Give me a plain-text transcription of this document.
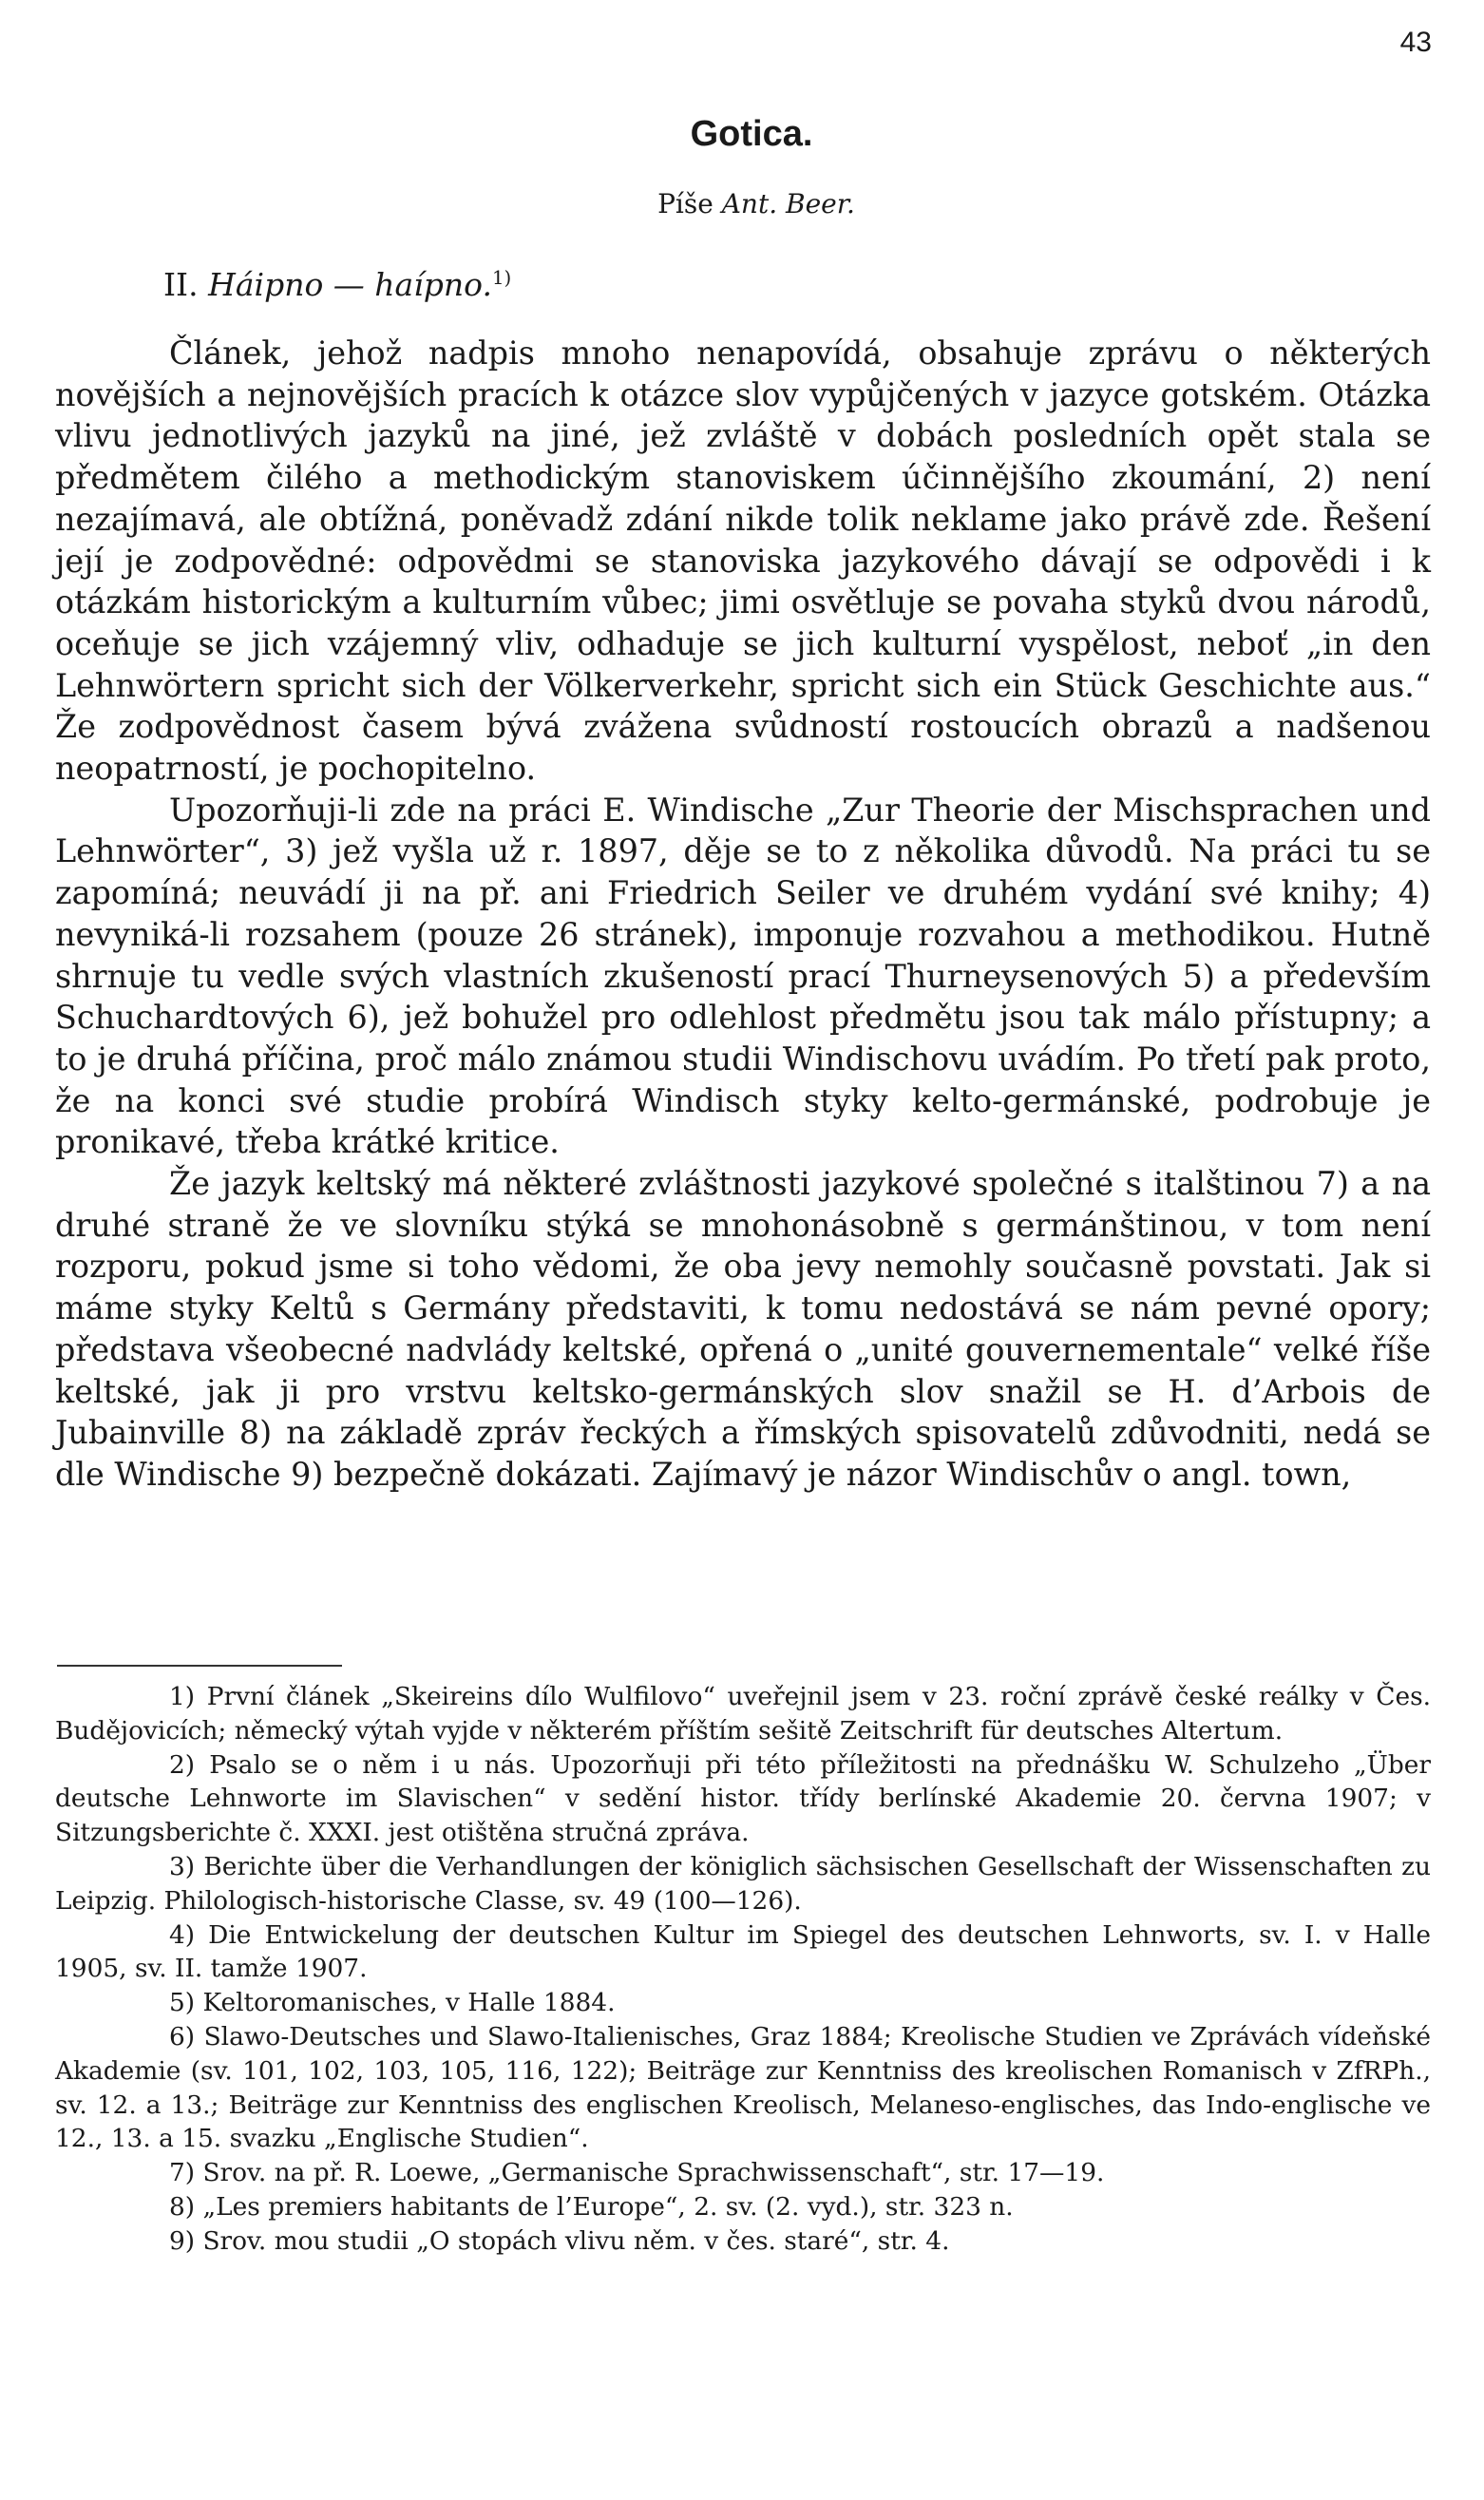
43
Gotica.
Píše Ant. Beer.
II. Háipno — haípno.$^{1)}$

Článek, jehož nadpis mnoho nenapovídá, obsahuje zprávu o některých novějších a nejnovějších pracích k otázce slov vypůjčených v jazyce gotském. Otázka vlivu jednotlivých jazyků na jiné, jež zvláště v dobách posledních opět stala se předmětem čilého a methodickým stanoviskem účinnějšího zkoumání, 2) není nezajímavá, ale obtížná, poněvadž zdání nikde tolik neklame jako právě zde. Řešení její je zodpovědné: odpovědmi se stanoviska jazykového dávají se odpovědi i k otázkám historickým a kulturním vůbec; jimi osvětluje se povaha styků dvou národů, oceňuje se jich vzájemný vliv, odhaduje se jich kulturní vyspělost, neboť „in den Lehnwörtern spricht sich der Völkerverkehr, spricht sich ein Stück Geschichte aus.“ Že zodpovědnost časem bývá zvážena svůdností rostoucích obrazů a nadšenou neopatrností, je pochopitelno.

Upozorňuji-li zde na práci E. Windische „Zur Theorie der Mischsprachen und Lehnwörter“, 3) jež vyšla už r. 1897, děje se to z několika důvodů. Na práci tu se zapomíná; neuvádí ji na př. ani Friedrich Seiler ve druhém vydání své knihy; 4) nevyniká-li rozsahem (pouze 26 stránek), imponuje rozvahou a methodikou. Hutně shrnuje tu vedle svých vlastních zkušeností prací Thurneysenových 5) a především Schuchardtových 6), jež bohužel pro odlehlost předmětu jsou tak málo přístupny; a to je druhá příčina, proč málo známou studii Windischovu uvádím. Po třetí pak proto, že na konci své studie probírá Windisch styky kelto-germánské, podrobuje je pronikavé, třeba krátké kritice.

Že jazyk keltský má některé zvláštnosti jazykové společné s italštinou 7) a na druhé straně že ve slovníku stýká se mnohonásobně s germánštinou, v tom není rozporu, pokud jsme si toho vědomi, že oba jevy nemohly současně povstati. Jak si máme styky Keltů s Germány představiti, k tomu nedostává se nám pevné opory; představa všeobecné nadvlády keltské, opřená o „unité gouvernementale“ velké říše keltské, jak ji pro vrstvu keltsko-germánských slov snažil se H. d’Arbois de Jubainville 8) na základě zpráv řeckých a římských spisovatelů zdůvodniti, nedá se dle Windische 9) bezpečně dokázati. Zajímavý je názor Windischův o angl. town,

1) První článek „Skeireins dílo Wulfilovo“ uveřejnil jsem v 23. roční zprávě české reálky v Čes. Budějovicích; německý výtah vyjde v některém příštím sešitě Zeitschrift für deutsches Altertum.

2) Psalo se o něm i u nás. Upozorňuji při této příležitosti na přednášku W. Schulzeho „Über deutsche Lehnworte im Slavischen“ v sedění histor. třídy berlínské Akademie 20. června 1907; v Sitzungsberichte č. XXXI. jest otištěna stručná zpráva.

3) Berichte über die Verhandlungen der königlich sächsischen Gesellschaft der Wissenschaften zu Leipzig. Philologisch-historische Classe, sv. 49 (100—126).

4) Die Entwickelung der deutschen Kultur im Spiegel des deutschen Lehnworts, sv. I. v Halle 1905, sv. II. tamže 1907.

5) Keltoromanisches, v Halle 1884.

6) Slawo-Deutsches und Slawo-Italienisches, Graz 1884; Kreolische Studien ve Zprávách vídeňské Akademie (sv. 101, 102, 103, 105, 116, 122); Beiträge zur Kenntniss des kreolischen Romanisch v ZfRPh., sv. 12. a 13.; Beiträge zur Kenntniss des englischen Kreolisch, Melaneso-englisches, das Indo-englische ve 12., 13. a 15. svazku „Englische Studien“.

7) Srov. na př. R. Loewe, „Germanische Sprachwissenschaft“, str. 17—19.

8) „Les premiers habitants de l’Europe“, 2. sv. (2. vyd.), str. 323 n.

9) Srov. mou studii „O stopách vlivu něm. v čes. staré“, str. 4.
